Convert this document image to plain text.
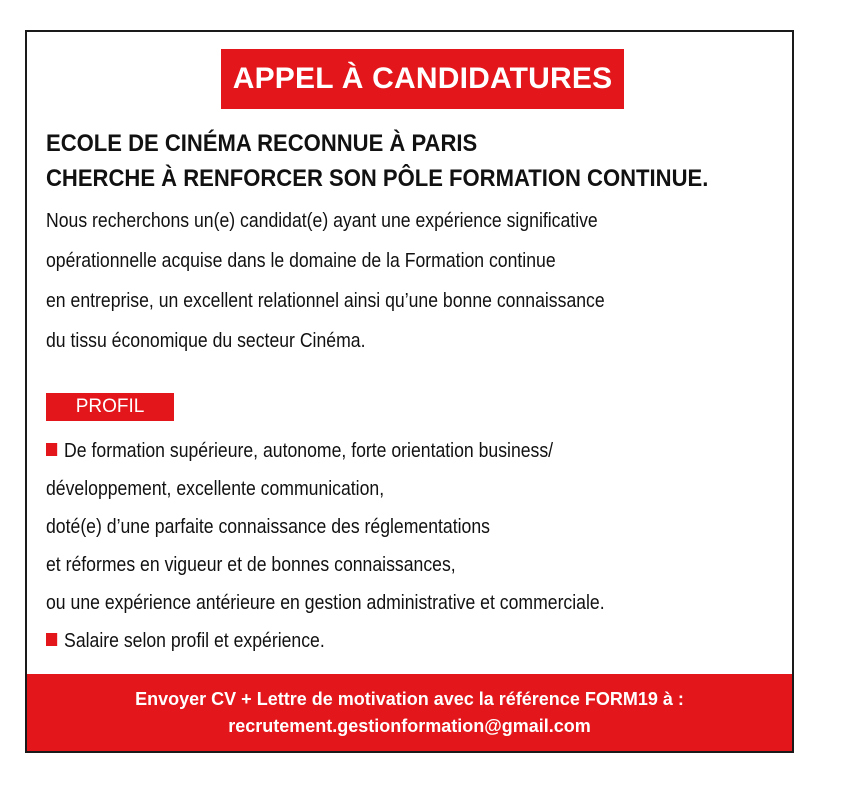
APPEL À CANDIDATURES
ECOLE DE CINÉMA RECONNUE À PARIS
CHERCHE À RENFORCER SON PÔLE FORMATION CONTINUE.
Nous recherchons un(e) candidat(e) ayant une expérience significative
opérationnelle acquise dans le domaine de la Formation continue
en entreprise, un excellent relationnel ainsi qu’une bonne connaissance
du tissu économique du secteur Cinéma.
PROFIL
De formation supérieure, autonome, forte orientation business/
développement, excellente communication,
doté(e) d’une parfaite connaissance des réglementations
et réformes en vigueur et de bonnes connaissances,
ou une expérience antérieure en gestion administrative et commerciale.
Salaire selon profil et expérience.
Envoyer CV + Lettre de motivation avec la référence FORM19 à :
recrutement.gestionformation@gmail.com
